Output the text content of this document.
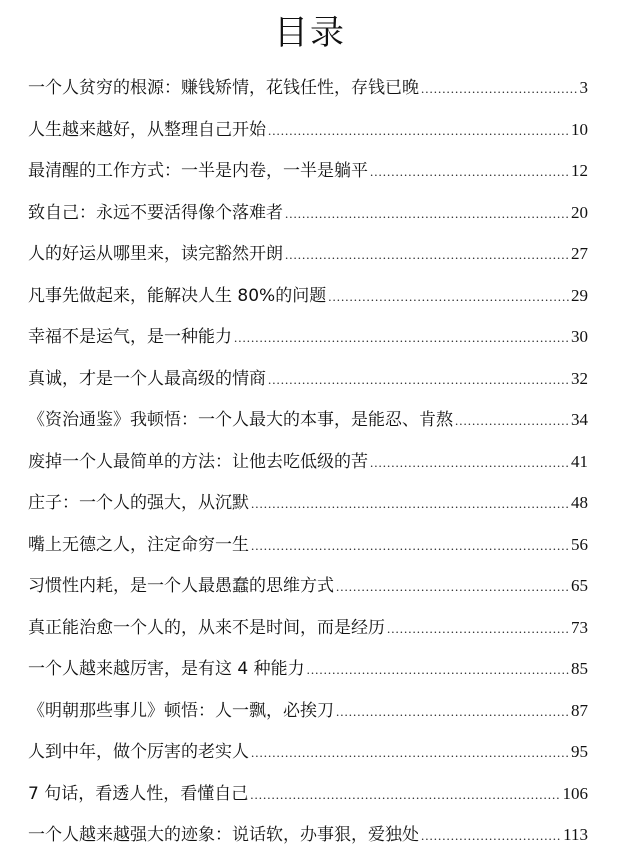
目录
一个人贫穷的根源：赚钱矫情，花钱任性，存钱已晚 .....	3
人生越来越好，从整理自己开始 .....	10
最清醒的工作方式：一半是内卷，一半是躺平 .....	12
致自己：永远不要活得像个落难者 .....	20
人的好运从哪里来，读完豁然开朗 .....	27
凡事先做起来，能解决人生 80%的问题 .....	29
幸福不是运气，是一种能力 .....	30
真诚，才是一个人最高级的情商 .....	32
《资治通鉴》我顿悟：一个人最大的本事，是能忍、肯熬 .....	34
废掉一个人最简单的方法：让他去吃低级的苦 .....	41
庄子：一个人的强大，从沉默 .....	48
嘴上无德之人，注定命穷一生 .....	56
习惯性内耗，是一个人最愚蠢的思维方式 .....	65
真正能治愈一个人的，从来不是时间，而是经历 .....	73
一个人越来越厉害，是有这 4 种能力 .....	85
《明朝那些事儿》顿悟：人一飘，必挨刀 .....	87
人到中年，做个厉害的老实人 .....	95
7 句话，看透人性，看懂自己 .....	106
一个人越来越强大的迹象：说话软，办事狠，爱独处 .....	113
